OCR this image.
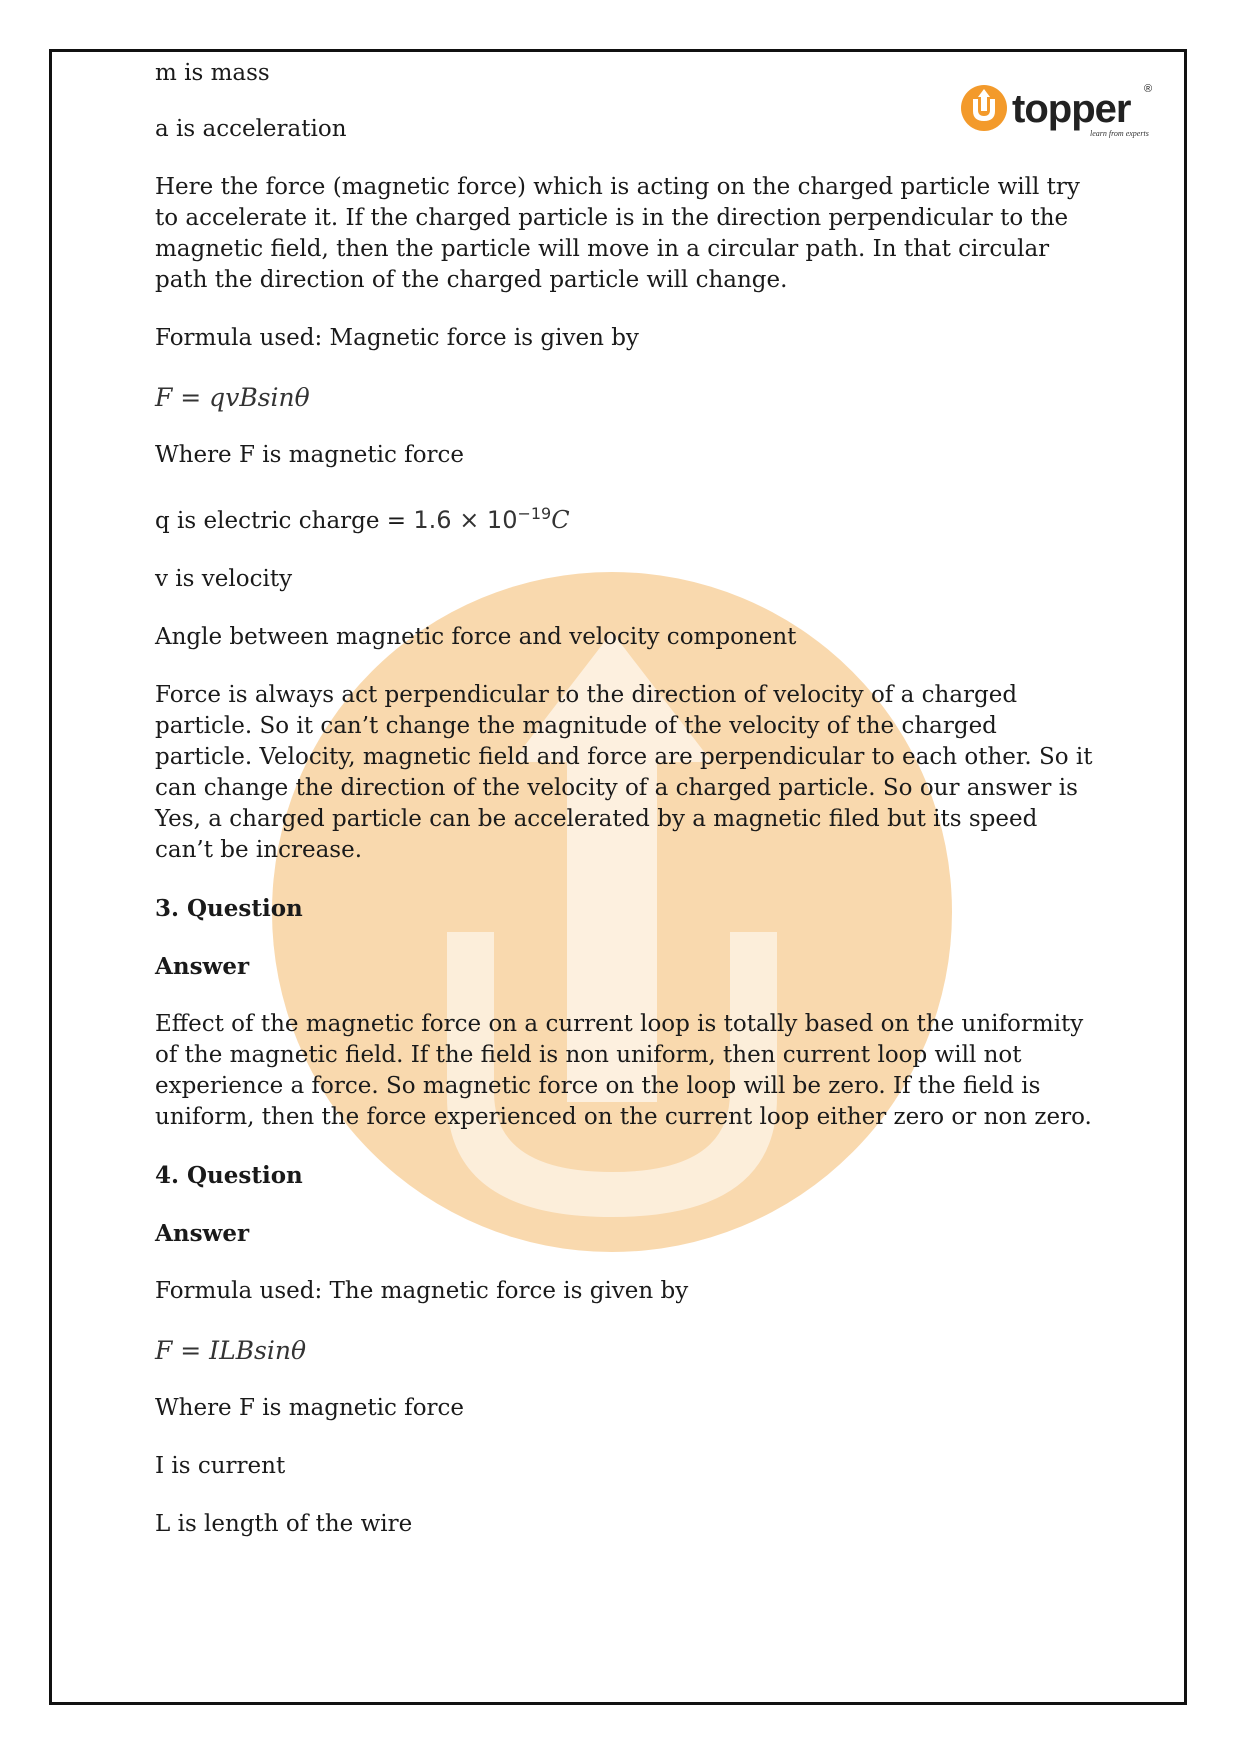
topper ®
learn from experts

m is mass

a is acceleration

Here the force (magnetic force) which is acting on the charged particle will try to accelerate it. If the charged particle is in the direction perpendicular to the magnetic field, then the particle will move in a circular path. In that circular path the direction of the charged particle will change.

Formula used: Magnetic force is given by

F = qvBsinθ

Where F is magnetic force

q is electric charge = $1.6 \times 10^{-19}C$

v is velocity

Angle between magnetic force and velocity component

Force is always act perpendicular to the direction of velocity of a charged particle. So it can’t change the magnitude of the velocity of the charged particle. Velocity, magnetic field and force are perpendicular to each other. So it can change the direction of the velocity of a charged particle. So our answer is Yes, a charged particle can be accelerated by a magnetic filed but its speed can’t be increase.

3. Question
Answer

Effect of the magnetic force on a current loop is totally based on the uniformity of the magnetic field. If the field is non uniform, then current loop will not experience a force. So magnetic force on the loop will be zero. If the field is uniform, then the force experienced on the current loop either zero or non zero.

4. Question
Answer

Formula used: The magnetic force is given by

F = ILBsinθ

Where F is magnetic force

I is current

L is length of the wire
